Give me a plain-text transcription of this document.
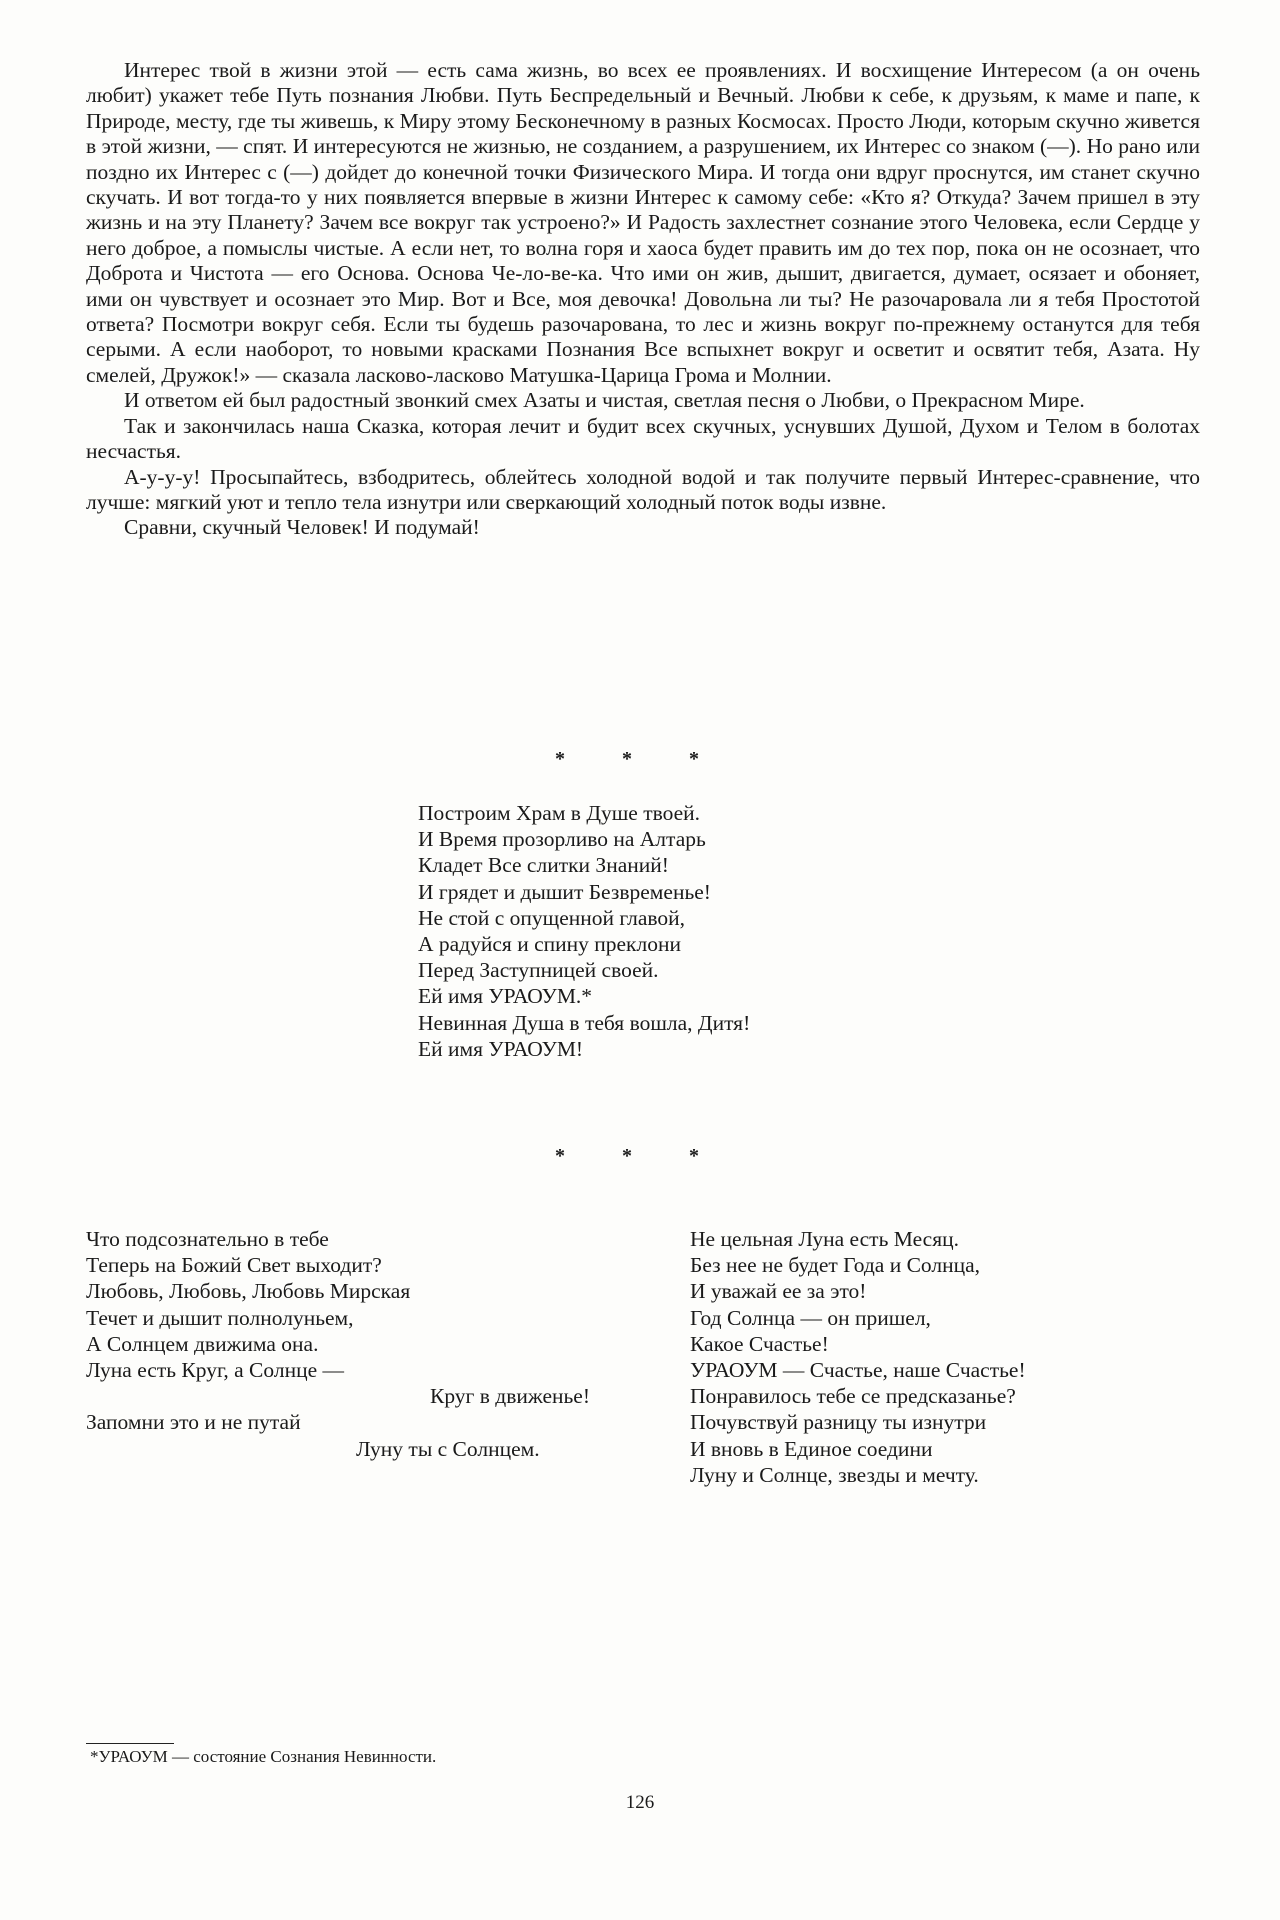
Интерес твой в жизни этой — есть сама жизнь, во всех ее проявлениях. И восхищение Интересом (а он очень любит) укажет тебе Путь познания Любви. Путь Беспредельный и Вечный. Любви к себе, к друзьям, к маме и папе, к Природе, месту, где ты живешь, к Миру этому Бесконечному в разных Космосах. Просто Люди, которым скучно живется в этой жизни, — спят. И интересуются не жизнью, не созданием, а разрушением, их Интерес со знаком (—). Но рано или поздно их Интерес с (—) дойдет до конечной точки Физического Мира. И тогда они вдруг проснутся, им станет скучно скучать. И вот тогда-то у них появляется впервые в жизни Интерес к самому себе: «Кто я? Откуда? Зачем пришел в эту жизнь и на эту Планету? Зачем все вокруг так устроено?» И Радость захлестнет сознание этого Человека, если Сердце у него доброе, а помыслы чистые. А если нет, то волна горя и хаоса будет править им до тех пор, пока он не осознает, что Доброта и Чистота — его Основа. Основа Че-ло-ве-ка. Что ими он жив, дышит, двигается, думает, осязает и обоняет, ими он чувствует и осознает это Мир. Вот и Все, моя девочка! Довольна ли ты? Не разочаровала ли я тебя Простотой ответа? Посмотри вокруг себя. Если ты будешь разочарована, то лес и жизнь вокруг по-прежнему останутся для тебя серыми. А если наоборот, то новыми красками Познания Все вспыхнет вокруг и осветит и освятит тебя, Азата. Ну смелей, Дружок!» — сказала ласково-ласково Матушка-Царица Грома и Молнии.

И ответом ей был радостный звонкий смех Азаты и чистая, светлая песня о Любви, о Прекрасном Мире.

Так и закончилась наша Сказка, которая лечит и будит всех скучных, уснувших Душой, Духом и Телом в болотах несчастья.

А-у-у-у! Просыпайтесь, взбодритесь, облейтесь холодной водой и так получите первый Интерес-сравнение, что лучше: мягкий уют и тепло тела изнутри или сверкающий холодный поток воды извне.

Сравни, скучный Человек! И подумай!

* * *
Построим Храм в Душе твоей.
И Время прозорливо на Алтарь
Кладет Все слитки Знаний!
И грядет и дышит Безвременье!
Не стой с опущенной главой,
А радуйся и спину преклони
Перед Заступницей своей.
Ей имя УРАОУМ.*
Невинная Душа в тебя вошла, Дитя!
Ей имя УРАОУМ!
* * *
Что подсознательно в тебе
Теперь на Божий Свет выходит?
Любовь, Любовь, Любовь Мирская
Течет и дышит полнолуньем,
А Солнцем движима она.
Луна есть Круг, а Солнце —
Круг в движенье!
Запомни это и не путай
Луну ты с Солнцем.
Не цельная Луна есть Месяц.
Без нее не будет Года и Солнца,
И уважай ее за это!
Год Солнца — он пришел,
Какое Счастье!
УРАОУМ — Счастье, наше Счастье!
Понравилось тебе се предсказанье?
Почувствуй разницу ты изнутри
И вновь в Единое соедини
Луну и Солнце, звезды и мечту.
*УРАОУМ — состояние Сознания Невинности.
126
